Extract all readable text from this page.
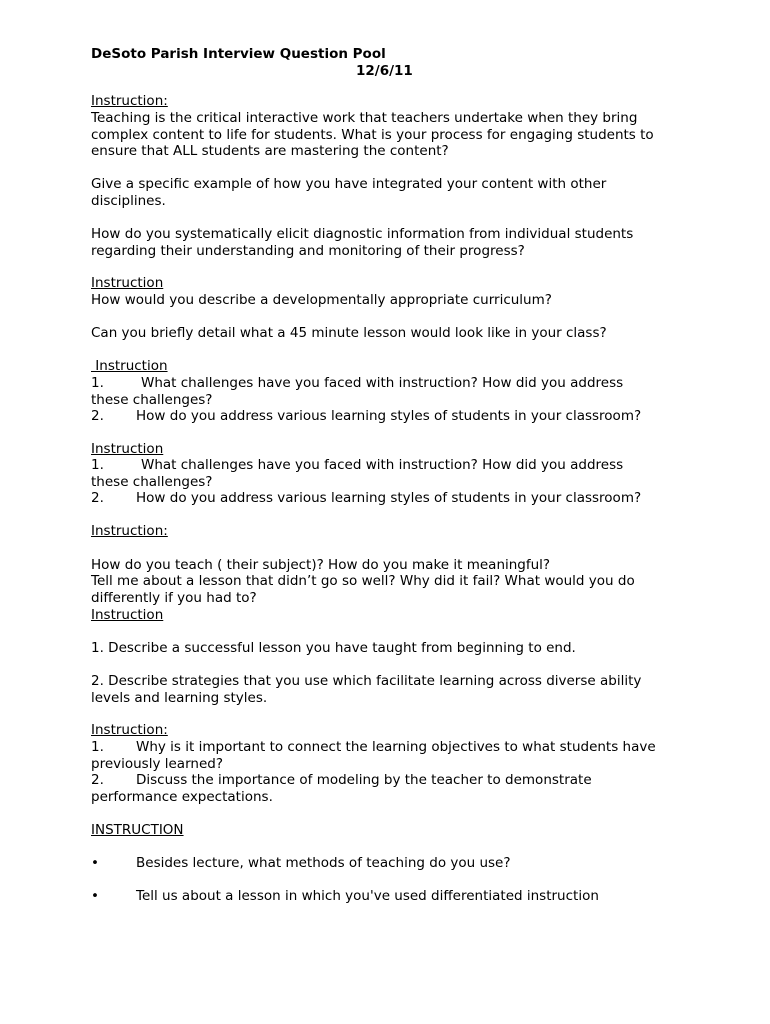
DeSoto Parish Interview Question Pool

12/6/11

Instruction:

Teaching is the critical interactive work that teachers undertake when they bring complex content to life for students. What is your process for engaging students to ensure that ALL students are mastering the content?

Give a specific example of how you have integrated your content with other disciplines.

How do you systematically elicit diagnostic information from individual students regarding their understanding and monitoring of their progress?

Instruction

How would you describe a developmentally appropriate curriculum?

Can you briefly detail what a 45 minute lesson would look like in your class?

Instruction

1.	What challenges have you faced with instruction? How did you address these challenges?

2. How do you address various learning styles of students in your classroom?

Instruction

1.	What challenges have you faced with instruction? How did you address these challenges?

2. How do you address various learning styles of students in your classroom?

Instruction:

How do you teach ( their subject)? How do you make it meaningful?

Tell me about a lesson that didn’t go so well? Why did it fail? What would you do differently if you had to?

Instruction

1. Describe a successful lesson you have taught from beginning to end.

2. Describe strategies that you use which facilitate learning across diverse ability levels and learning styles.

Instruction:

1. Why is it important to connect the learning objectives to what students have previously learned?

2. Discuss the importance of modeling by the teacher to demonstrate performance expectations.

INSTRUCTION

•	Besides lecture, what methods of teaching do you use?

•	Tell us about a lesson in which you've used differentiated instruction
